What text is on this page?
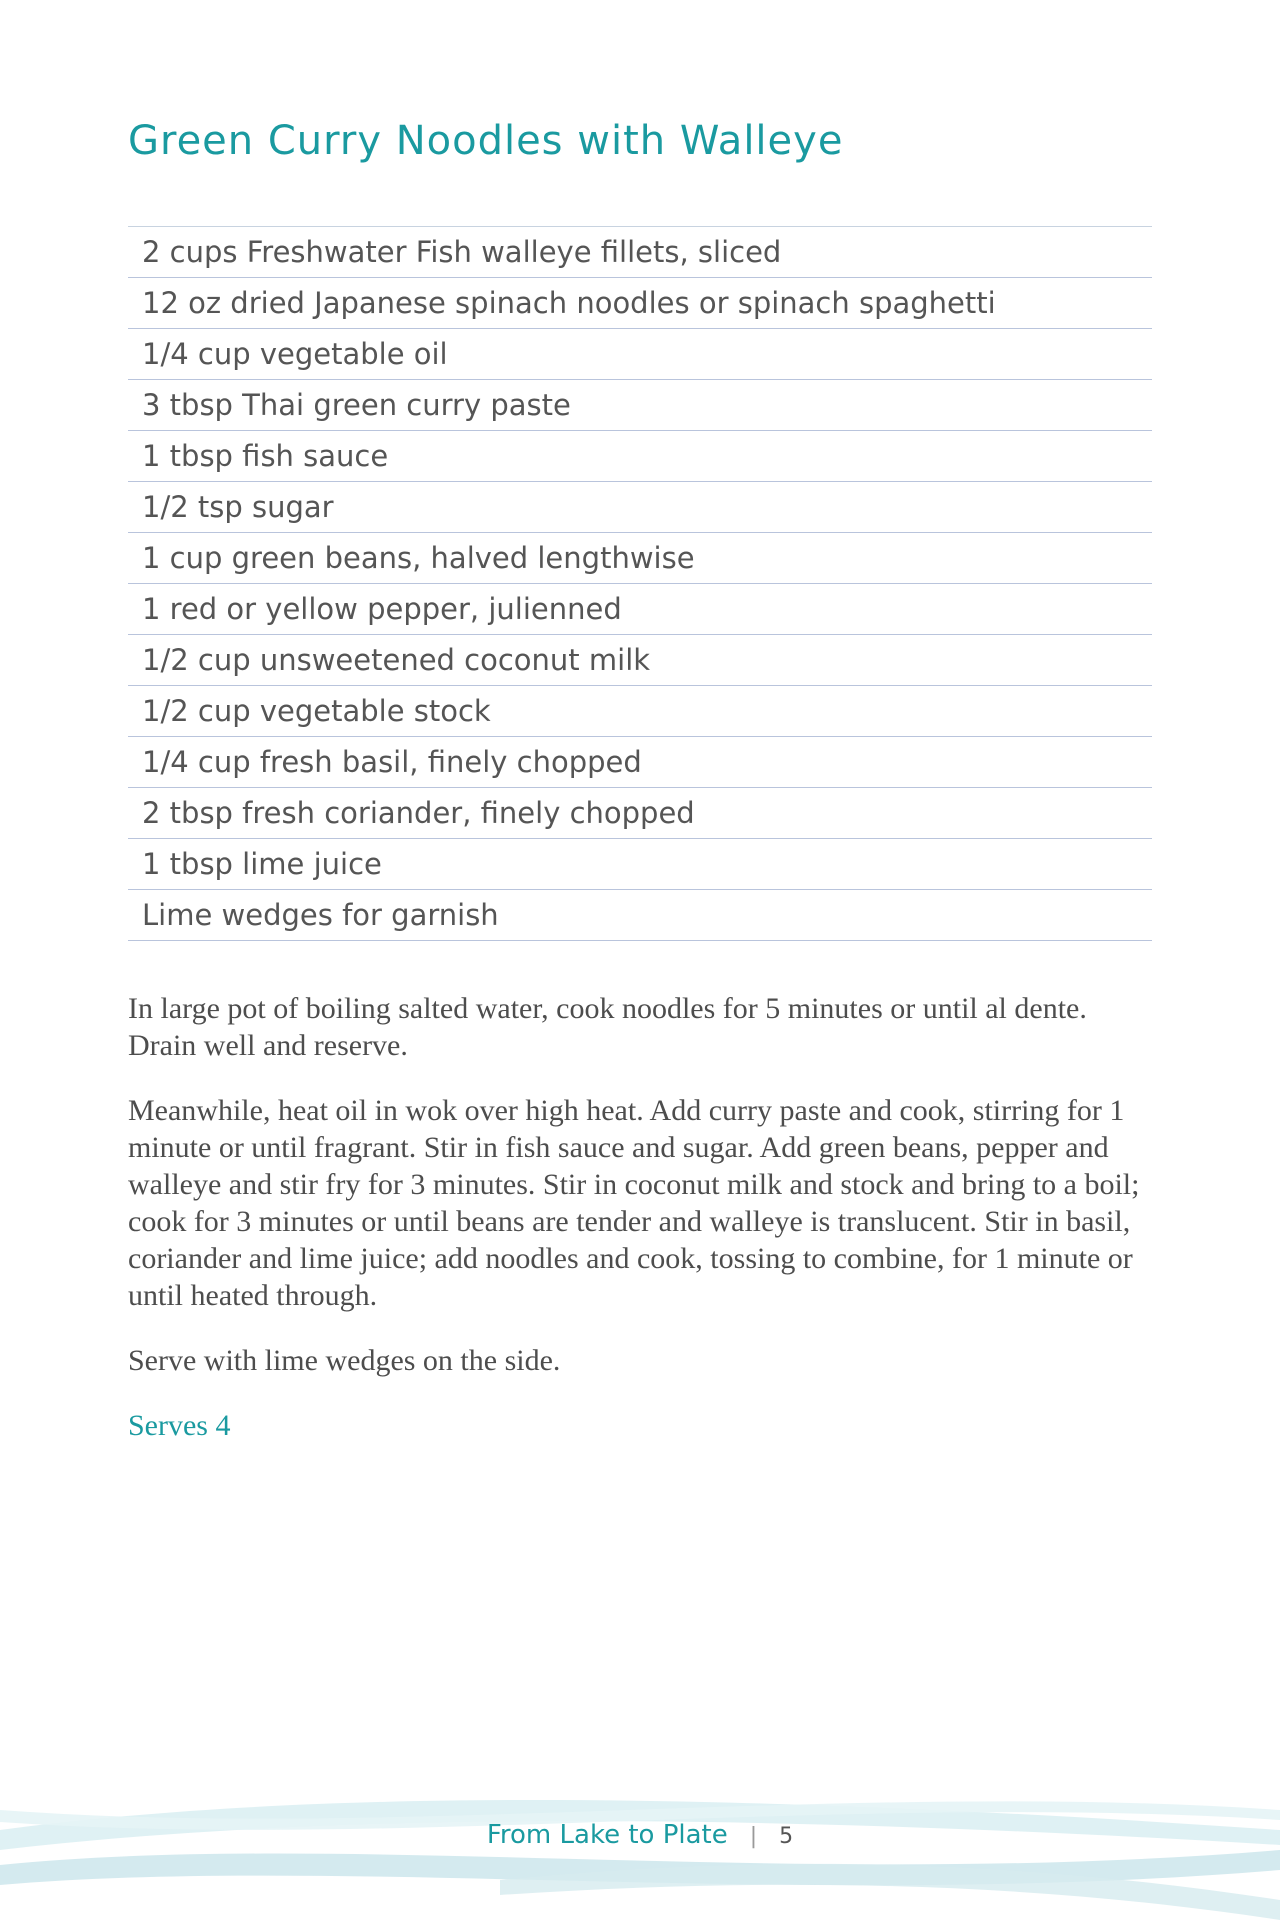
Green Curry Noodles with Walleye
2 cups Freshwater Fish walleye fillets, sliced
12 oz dried Japanese spinach noodles or spinach spaghetti
1/4 cup vegetable oil
3 tbsp Thai green curry paste
1 tbsp fish sauce
1/2 tsp sugar
1 cup green beans, halved lengthwise
1 red or yellow pepper, julienned
1/2 cup unsweetened coconut milk
1/2 cup vegetable stock
1/4 cup fresh basil, finely chopped
2 tbsp fresh coriander, finely chopped
1 tbsp lime juice
Lime wedges for garnish

In large pot of boiling salted water, cook noodles for 5 minutes or until al dente. Drain well and reserve.

Meanwhile, heat oil in wok over high heat. Add curry paste and cook, stirring for 1 minute or until fragrant. Stir in fish sauce and sugar. Add green beans, pepper and walleye and stir fry for 3 minutes. Stir in coconut milk and stock and bring to a boil; cook for 3 minutes or until beans are tender and walleye is translucent. Stir in basil, coriander and lime juice; add noodles and cook, tossing to combine, for 1 minute or until heated through.

Serve with lime wedges on the side.

Serves 4

From Lake to Plate | 5
